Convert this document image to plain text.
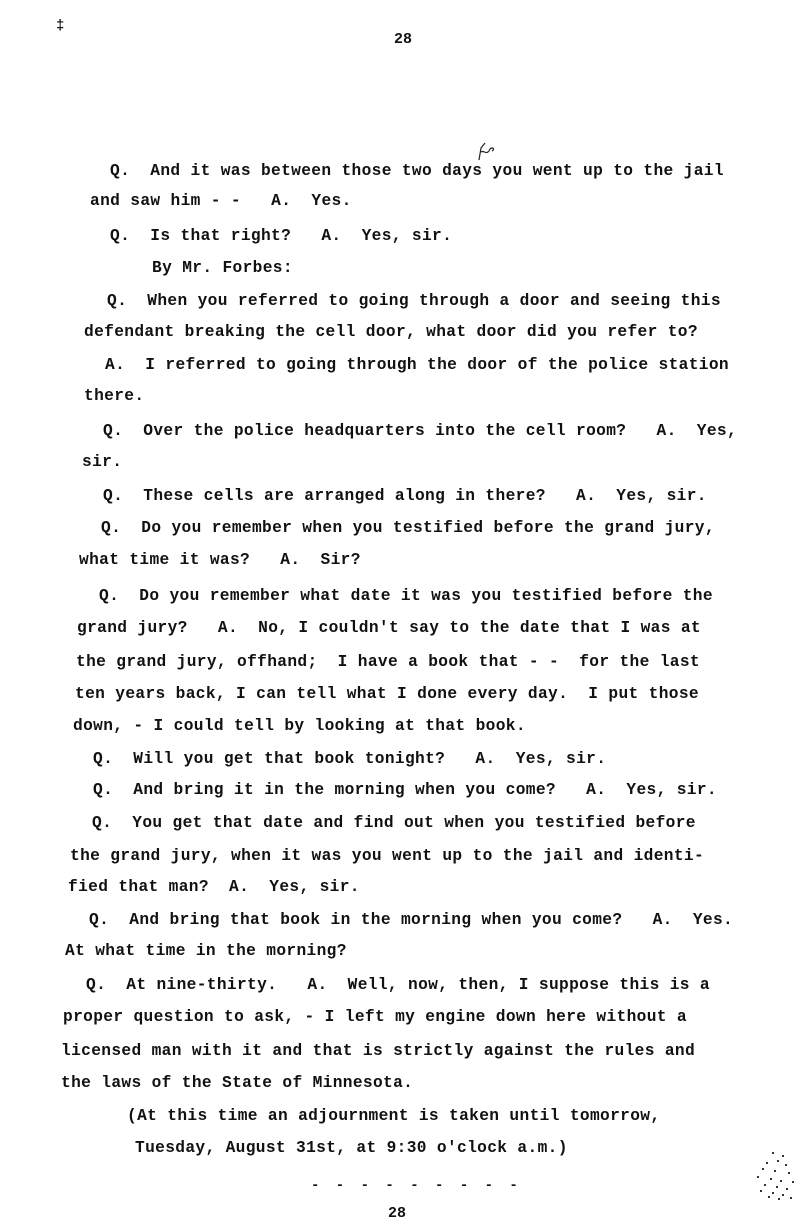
‡
28
Q.  And it was between those two days you went up to the jail
and saw him - -   A.  Yes.
Q.  Is that right?   A.  Yes, sir.
By Mr. Forbes:
Q.  When you referred to going through a door and seeing this
defendant breaking the cell door, what door did you refer to?
A.  I referred to going through the door of the police station
there.
Q.  Over the police headquarters into the cell room?   A.  Yes,
sir.
Q.  These cells are arranged along in there?   A.  Yes, sir.
Q.  Do you remember when you testified before the grand jury,
what time it was?   A.  Sir?
Q.  Do you remember what date it was you testified before the
grand jury?   A.  No, I couldn't say to the date that I was at
the grand jury, offhand;  I have a book that - -  for the last
ten years back, I can tell what I done every day.  I put those
down, - I could tell by looking at that book.
Q.  Will you get that book tonight?   A.  Yes, sir.
Q.  And bring it in the morning when you come?   A.  Yes, sir.
Q.  You get that date and find out when you testified before
the grand jury, when it was you went up to the jail and identi-
fied that man?  A.  Yes, sir.
Q.  And bring that book in the morning when you come?   A.  Yes.
At what time in the morning?
Q.  At nine-thirty.   A.  Well, now, then, I suppose this is a
proper question to ask, - I left my engine down here without a
licensed man with it and that is strictly against the rules and
the laws of the State of Minnesota.
(At this time an adjournment is taken until tomorrow,
Tuesday, August 31st, at 9:30 o'clock a.m.)
- - - - - - - - -
28
